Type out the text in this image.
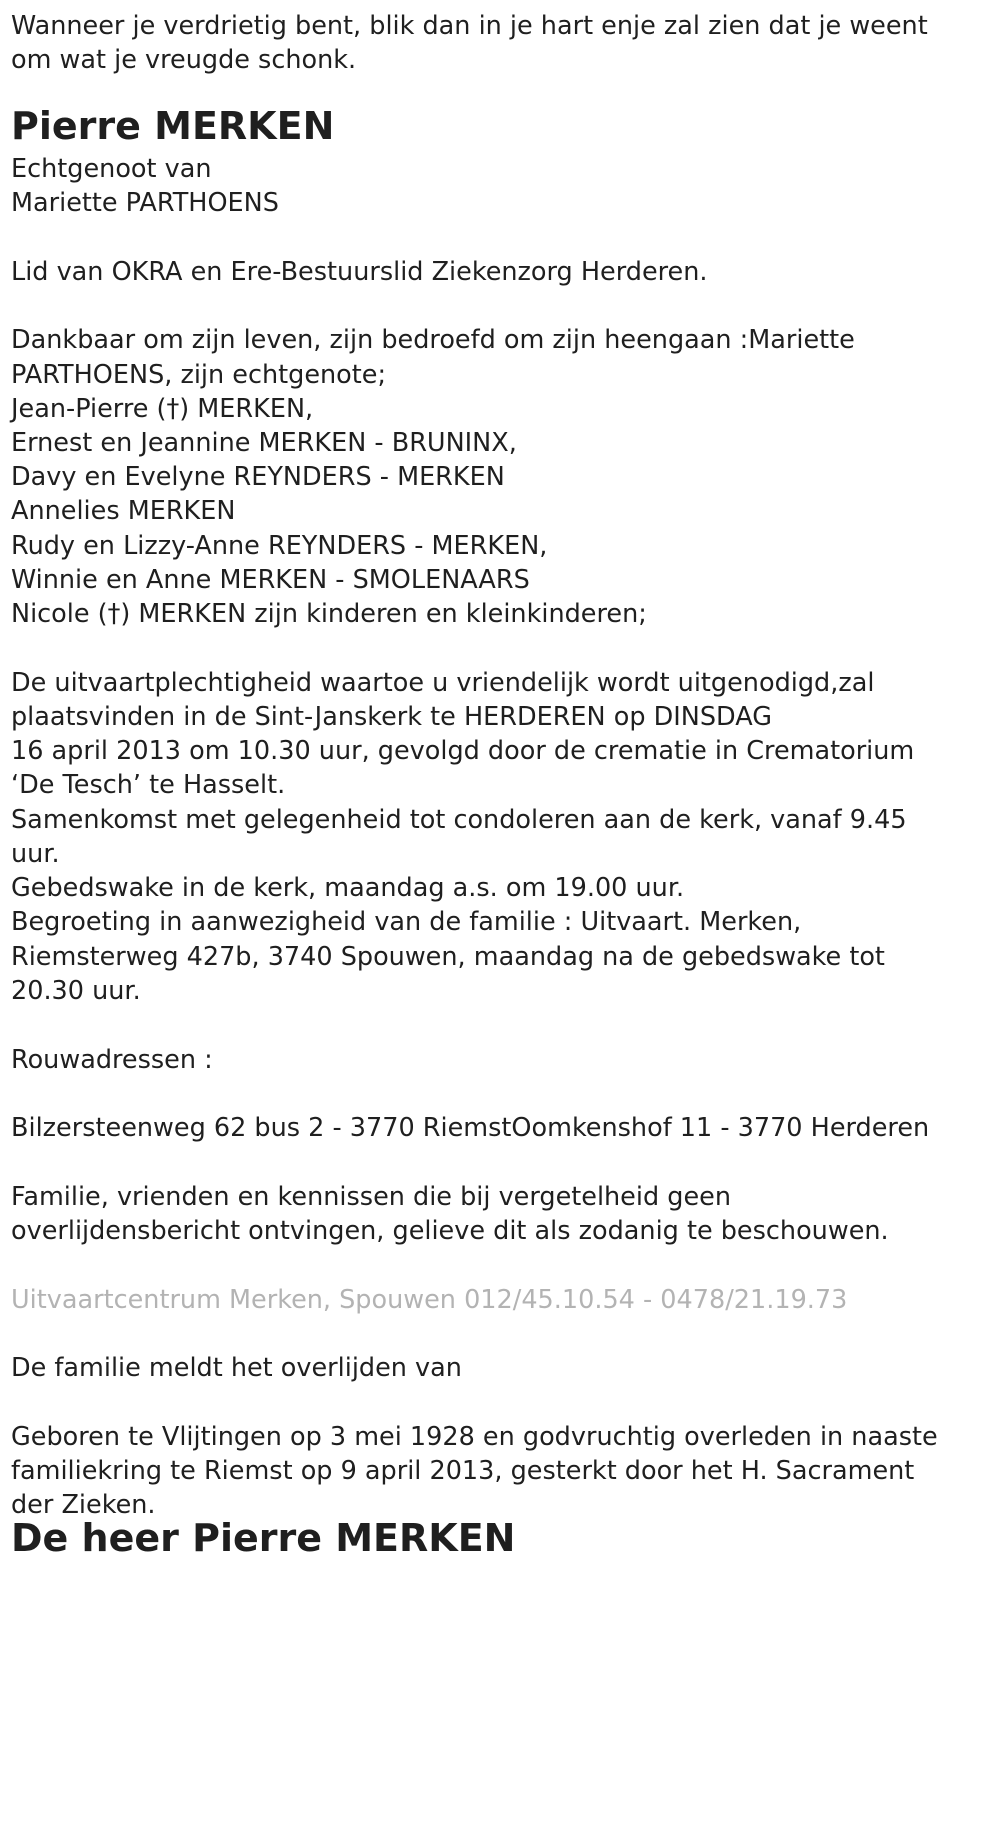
Wanneer je verdrietig bent, blik dan in je hart enje zal zien dat je weent

om wat je vreugde schonk.

Pierre MERKEN

Echtgenoot van

Mariette PARTHOENS

Lid van OKRA en Ere-Bestuurslid Ziekenzorg Herderen.

Dankbaar om zijn leven, zijn bedroefd om zijn heengaan :Mariette

PARTHOENS, zijn echtgenote;

Jean-Pierre (†) MERKEN,

Ernest en Jeannine MERKEN - BRUNINX,

Davy en Evelyne REYNDERS - MERKEN

Annelies MERKEN

Rudy en Lizzy-Anne REYNDERS - MERKEN,

Winnie en Anne MERKEN - SMOLENAARS

Nicole (†) MERKEN zijn kinderen en kleinkinderen;

De uitvaartplechtigheid waartoe u vriendelijk wordt uitgenodigd,zal

plaatsvinden in de Sint-Janskerk te HERDEREN op DINSDAG

16 april 2013 om 10.30 uur, gevolgd door de crematie in Crematorium

‘De Tesch’ te Hasselt.

Samenkomst met gelegenheid tot condoleren aan de kerk, vanaf 9.45

uur.

Gebedswake in de kerk, maandag a.s. om 19.00 uur.

Begroeting in aanwezigheid van de familie : Uitvaart. Merken,

Riemsterweg 427b, 3740 Spouwen, maandag na de gebedswake tot

20.30 uur.

Rouwadressen :

Bilzersteenweg 62 bus 2 - 3770 RiemstOomkenshof 11 - 3770 Herderen

Familie, vrienden en kennissen die bij vergetelheid geen

overlijdensbericht ontvingen, gelieve dit als zodanig te beschouwen.

Uitvaartcentrum Merken, Spouwen 012/45.10.54 - 0478/21.19.73

De familie meldt het overlijden van

Geboren te Vlijtingen op 3 mei 1928 en godvruchtig overleden in naaste

familiekring te Riemst op 9 april 2013, gesterkt door het H. Sacrament

der Zieken.

De heer Pierre MERKEN
